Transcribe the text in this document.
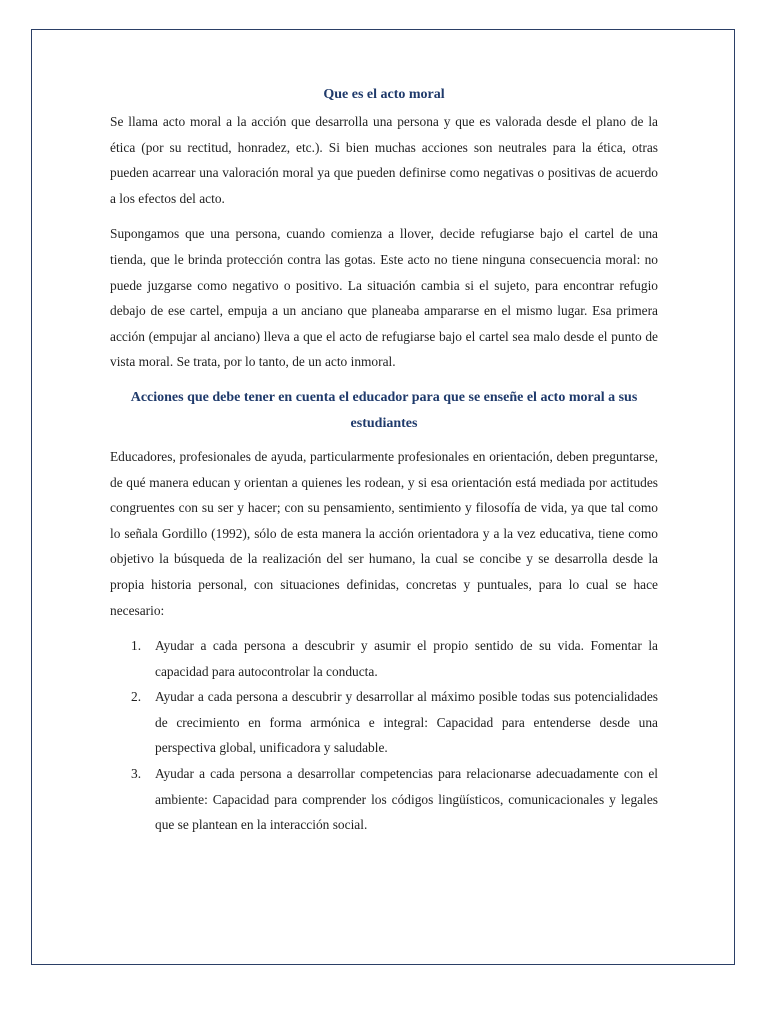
Que es el acto moral

Se llama acto moral a la acción que desarrolla una persona y que es valorada desde el plano de la ética (por su rectitud, honradez, etc.). Si bien muchas acciones son neutrales para la ética, otras pueden acarrear una valoración moral ya que pueden definirse como negativas o positivas de acuerdo a los efectos del acto.

Supongamos que una persona, cuando comienza a llover, decide refugiarse bajo el cartel de una tienda, que le brinda protección contra las gotas. Este acto no tiene ninguna consecuencia moral: no puede juzgarse como negativo o positivo. La situación cambia si el sujeto, para encontrar refugio debajo de ese cartel, empuja a un anciano que planeaba ampararse en el mismo lugar. Esa primera acción (empujar al anciano) lleva a que el acto de refugiarse bajo el cartel sea malo desde el punto de vista moral. Se trata, por lo tanto, de un acto inmoral.

Acciones que debe tener en cuenta el educador para que se enseñe el acto moral a sus estudiantes

Educadores, profesionales de ayuda, particularmente profesionales en orientación, deben preguntarse, de qué manera educan y orientan a quienes les rodean, y si esa orientación está mediada por actitudes congruentes con su ser y hacer; con su pensamiento, sentimiento y filosofía de vida, ya que tal como lo señala Gordillo (1992), sólo de esta manera la acción orientadora y a la vez educativa, tiene como objetivo la búsqueda de la realización del ser humano, la cual se concibe y se desarrolla desde la propia historia personal, con situaciones definidas, concretas y puntuales, para lo cual se hace necesario:

1. Ayudar a cada persona a descubrir y asumir el propio sentido de su vida. Fomentar la capacidad para autocontrolar la conducta.
2. Ayudar a cada persona a descubrir y desarrollar al máximo posible todas sus potencialidades de crecimiento en forma armónica e integral: Capacidad para entenderse desde una perspectiva global, unificadora y saludable.
3. Ayudar a cada persona a desarrollar competencias para relacionarse adecuadamente con el ambiente: Capacidad para comprender los códigos lingüísticos, comunicacionales y legales que se plantean en la interacción social.
